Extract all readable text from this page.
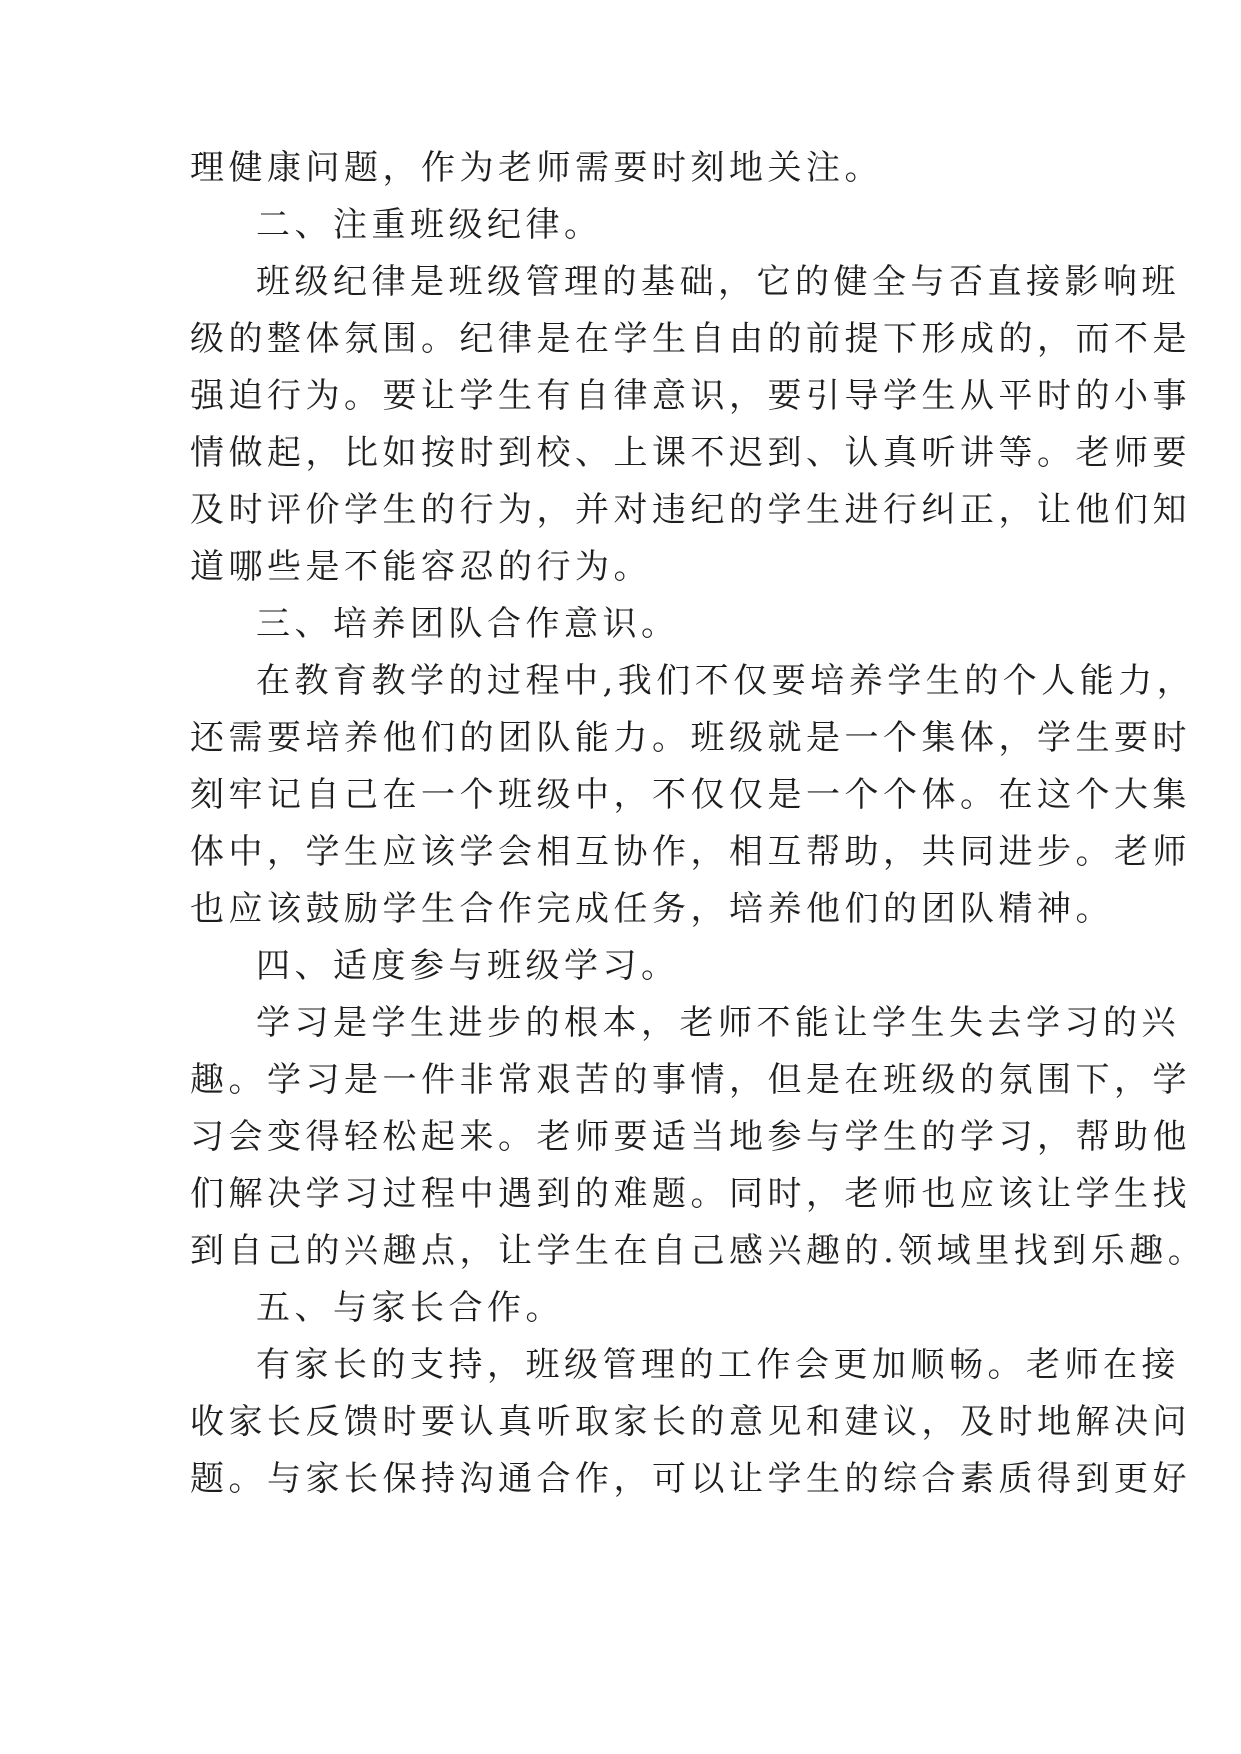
理健康问题，作为老师需要时刻地关注。
二、注重班级纪律。
班级纪律是班级管理的基础，它的健全与否直接影响班
级的整体氛围。纪律是在学生自由的前提下形成的，而不是
强迫行为。要让学生有自律意识，要引导学生从平时的小事
情做起，比如按时到校、上课不迟到、认真听讲等。老师要
及时评价学生的行为，并对违纪的学生进行纠正，让他们知
道哪些是不能容忍的行为。
三、培养团队合作意识。
在教育教学的过程中,我们不仅要培养学生的个人能力，
还需要培养他们的团队能力。班级就是一个集体，学生要时
刻牢记自己在一个班级中，不仅仅是一个个体。在这个大集
体中，学生应该学会相互协作，相互帮助，共同进步。老师
也应该鼓励学生合作完成任务，培养他们的团队精神。
四、适度参与班级学习。
学习是学生进步的根本，老师不能让学生失去学习的兴
趣。学习是一件非常艰苦的事情，但是在班级的氛围下，学
习会变得轻松起来。老师要适当地参与学生的学习，帮助他
们解决学习过程中遇到的难题。同时，老师也应该让学生找
到自己的兴趣点，让学生在自己感兴趣的.领域里找到乐趣。
五、与家长合作。
有家长的支持，班级管理的工作会更加顺畅。老师在接
收家长反馈时要认真听取家长的意见和建议，及时地解决问
题。与家长保持沟通合作，可以让学生的综合素质得到更好
